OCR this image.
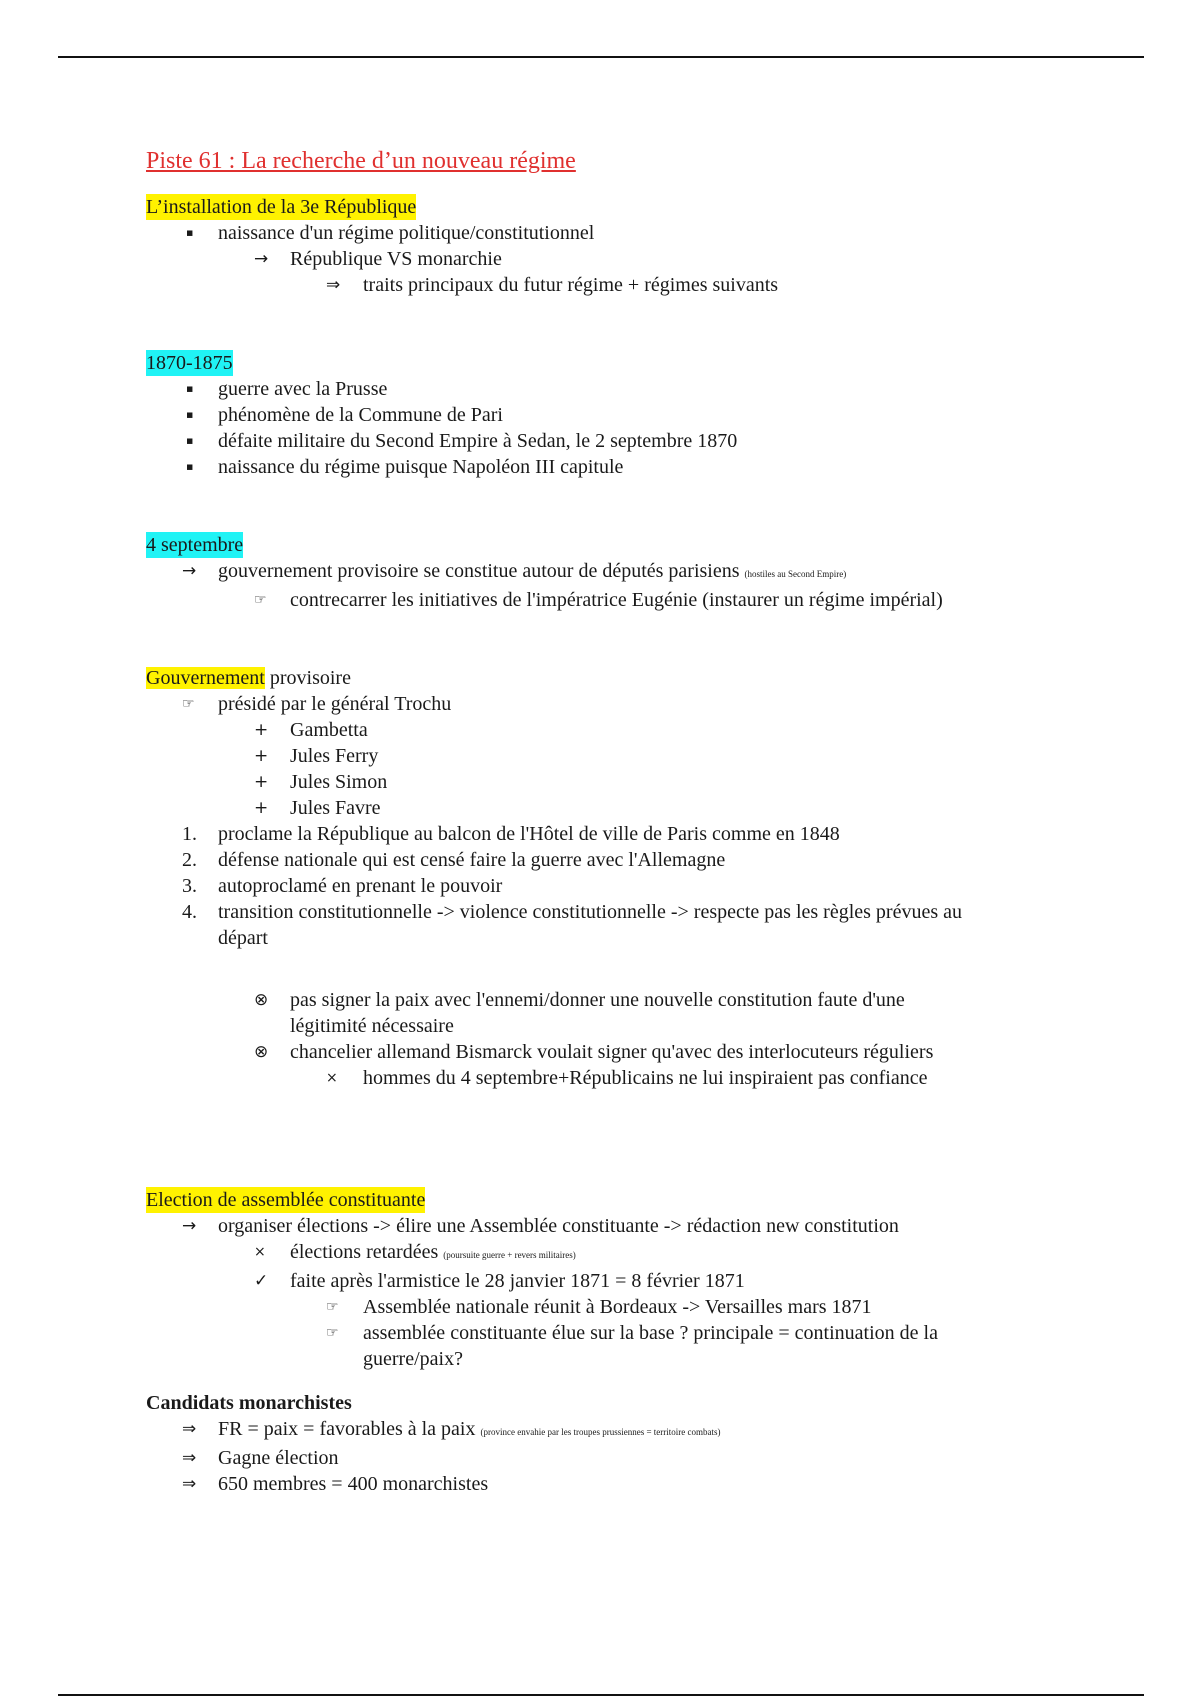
Piste 61 : La recherche d’un nouveau régime
L’installation de la 3e République
▪	naissance d'un régime politique/constitutionnel
→	République VS monarchie
⇒	traits principaux du futur régime + régimes suivants
1870-1875
▪	guerre avec la Prusse
▪	phénomène de la Commune de Pari
▪	défaite militaire du Second Empire à Sedan, le 2 septembre 1870
▪	naissance du régime puisque Napoléon III capitule
4 septembre
→	gouvernement provisoire se constitue autour de députés parisiens (hostiles au Second Empire)
☞	contrecarrer les initiatives de l'impératrice Eugénie (instaurer un régime impérial)
Gouvernement provisoire
☞	présidé par le général Trochu
+	Gambetta
+	Jules Ferry
+	Jules Simon
+	Jules Favre
1.	proclame la République au balcon de l'Hôtel de ville de Paris comme en 1848
2.	défense nationale qui est censé faire la guerre avec l'Allemagne
3.	autoproclamé en prenant le pouvoir
4.	transition constitutionnelle -> violence constitutionnelle -> respecte pas les règles prévues au
départ
⊗	pas signer la paix avec l'ennemi/donner une nouvelle constitution faute d'une
légitimité nécessaire
⊗	chancelier allemand Bismarck voulait signer qu'avec des interlocuteurs réguliers
×	hommes du 4 septembre+Républicains ne lui inspiraient pas confiance
Election de assemblée constituante
→	organiser élections -> élire une Assemblée constituante -> rédaction new constitution
×	élections retardées (poursuite guerre + revers militaires)
✓	faite après l'armistice le 28 janvier 1871 = 8 février 1871
☞	Assemblée nationale réunit à Bordeaux -> Versailles mars 1871
☞	assemblée constituante élue sur la base ? principale = continuation de la
guerre/paix?
Candidats monarchistes
⇒	FR = paix = favorables à la paix (province envahie par les troupes prussiennes = territoire combats)
⇒	Gagne élection
⇒	650 membres = 400 monarchistes
